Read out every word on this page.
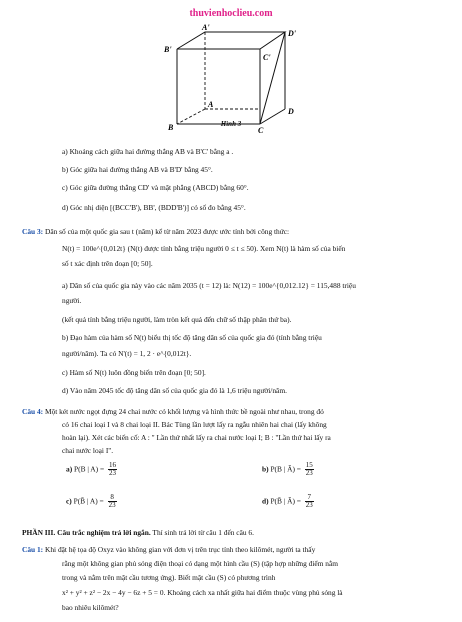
thuvienhoclieu.com
A'
B'
C'
D'
A
B	C
D
Hình 3
a) Khoảng cách giữa hai đường thẳng AB và B'C' bằng a .
b) Góc giữa hai đường thẳng AB và B'D' bằng 45°.
c) Góc giữa đường thẳng CD' và mặt phẳng (ABCD) bằng 60°.
d) Góc nhị diện [(BCC'B'), BB', (BDD'B')] có số đo bằng 45°.
Câu 3: Dân số của một quốc gia sau t (năm) kể từ năm 2023 được ước tính bởi công thức:
N(t) = 100e^{0,012t} (N(t) được tính bằng triệu người 0 ≤ t ≤ 50). Xem N(t) là hàm số của biến
số t xác định trên đoạn [0; 50].
a) Dân số của quốc gia này vào các năm 2035 (t = 12) là: N(12) = 100e^{0,012.12} = 115,488 triệu
người.
(kết quả tính bằng triệu người, làm tròn kết quả đến chữ số thập phân thứ ba).
b) Đạo hàm của hàm số N(t) biểu thị tốc độ tăng dân số của quốc gia đó (tính bằng triệu
người/năm). Ta có N'(t) = 1, 2 · e^{0,012t}.
c) Hàm số N(t) luôn đồng biến trên đoạn [0; 50].
d) Vào năm 2045 tốc độ tăng dân số của quốc gia đó là 1,6 triệu người/năm.
Câu 4: Một két nước ngọt đựng 24 chai nước có khối lượng và hình thức bề ngoài như nhau, trong đó
có 16 chai loại I và 8 chai loại II. Bác Tùng lần lượt lấy ra ngẫu nhiên hai chai (lấy không
hoàn lại). Xét các biến cố: A : " Lần thứ nhất lấy ra chai nước loại I; B : "Lần thứ hai lấy ra
chai nước loại I".
a) P(B | $A) = \frac{16}{23}$	b) P(B | Ā) = $\frac{15}{23}$
c) P(B̄ | $A) = \frac{8}{23}$	d) P(B̄ | Ā) = $\frac{7}{23}$
PHẦN III. Câu trắc nghiệm trả lời ngắn. Thí sinh trả lời từ câu 1 đến câu 6.
Câu 1: Khi đặt hệ tọa độ Oxyz vào không gian với đơn vị trên trục tính theo kilômét, người ta thấy
rằng một không gian phủ sóng điện thoại có dạng một hình cầu (S) (tập hợp những điểm nằm
trong và nằm trên mặt cầu tương ứng). Biết mặt cầu (S) có phương trình
x² + y² + z² − 2x − 4y − 6z + 5 = 0. Khoảng cách xa nhất giữa hai điểm thuộc vùng phủ sóng là
bao nhiêu kilômét?
